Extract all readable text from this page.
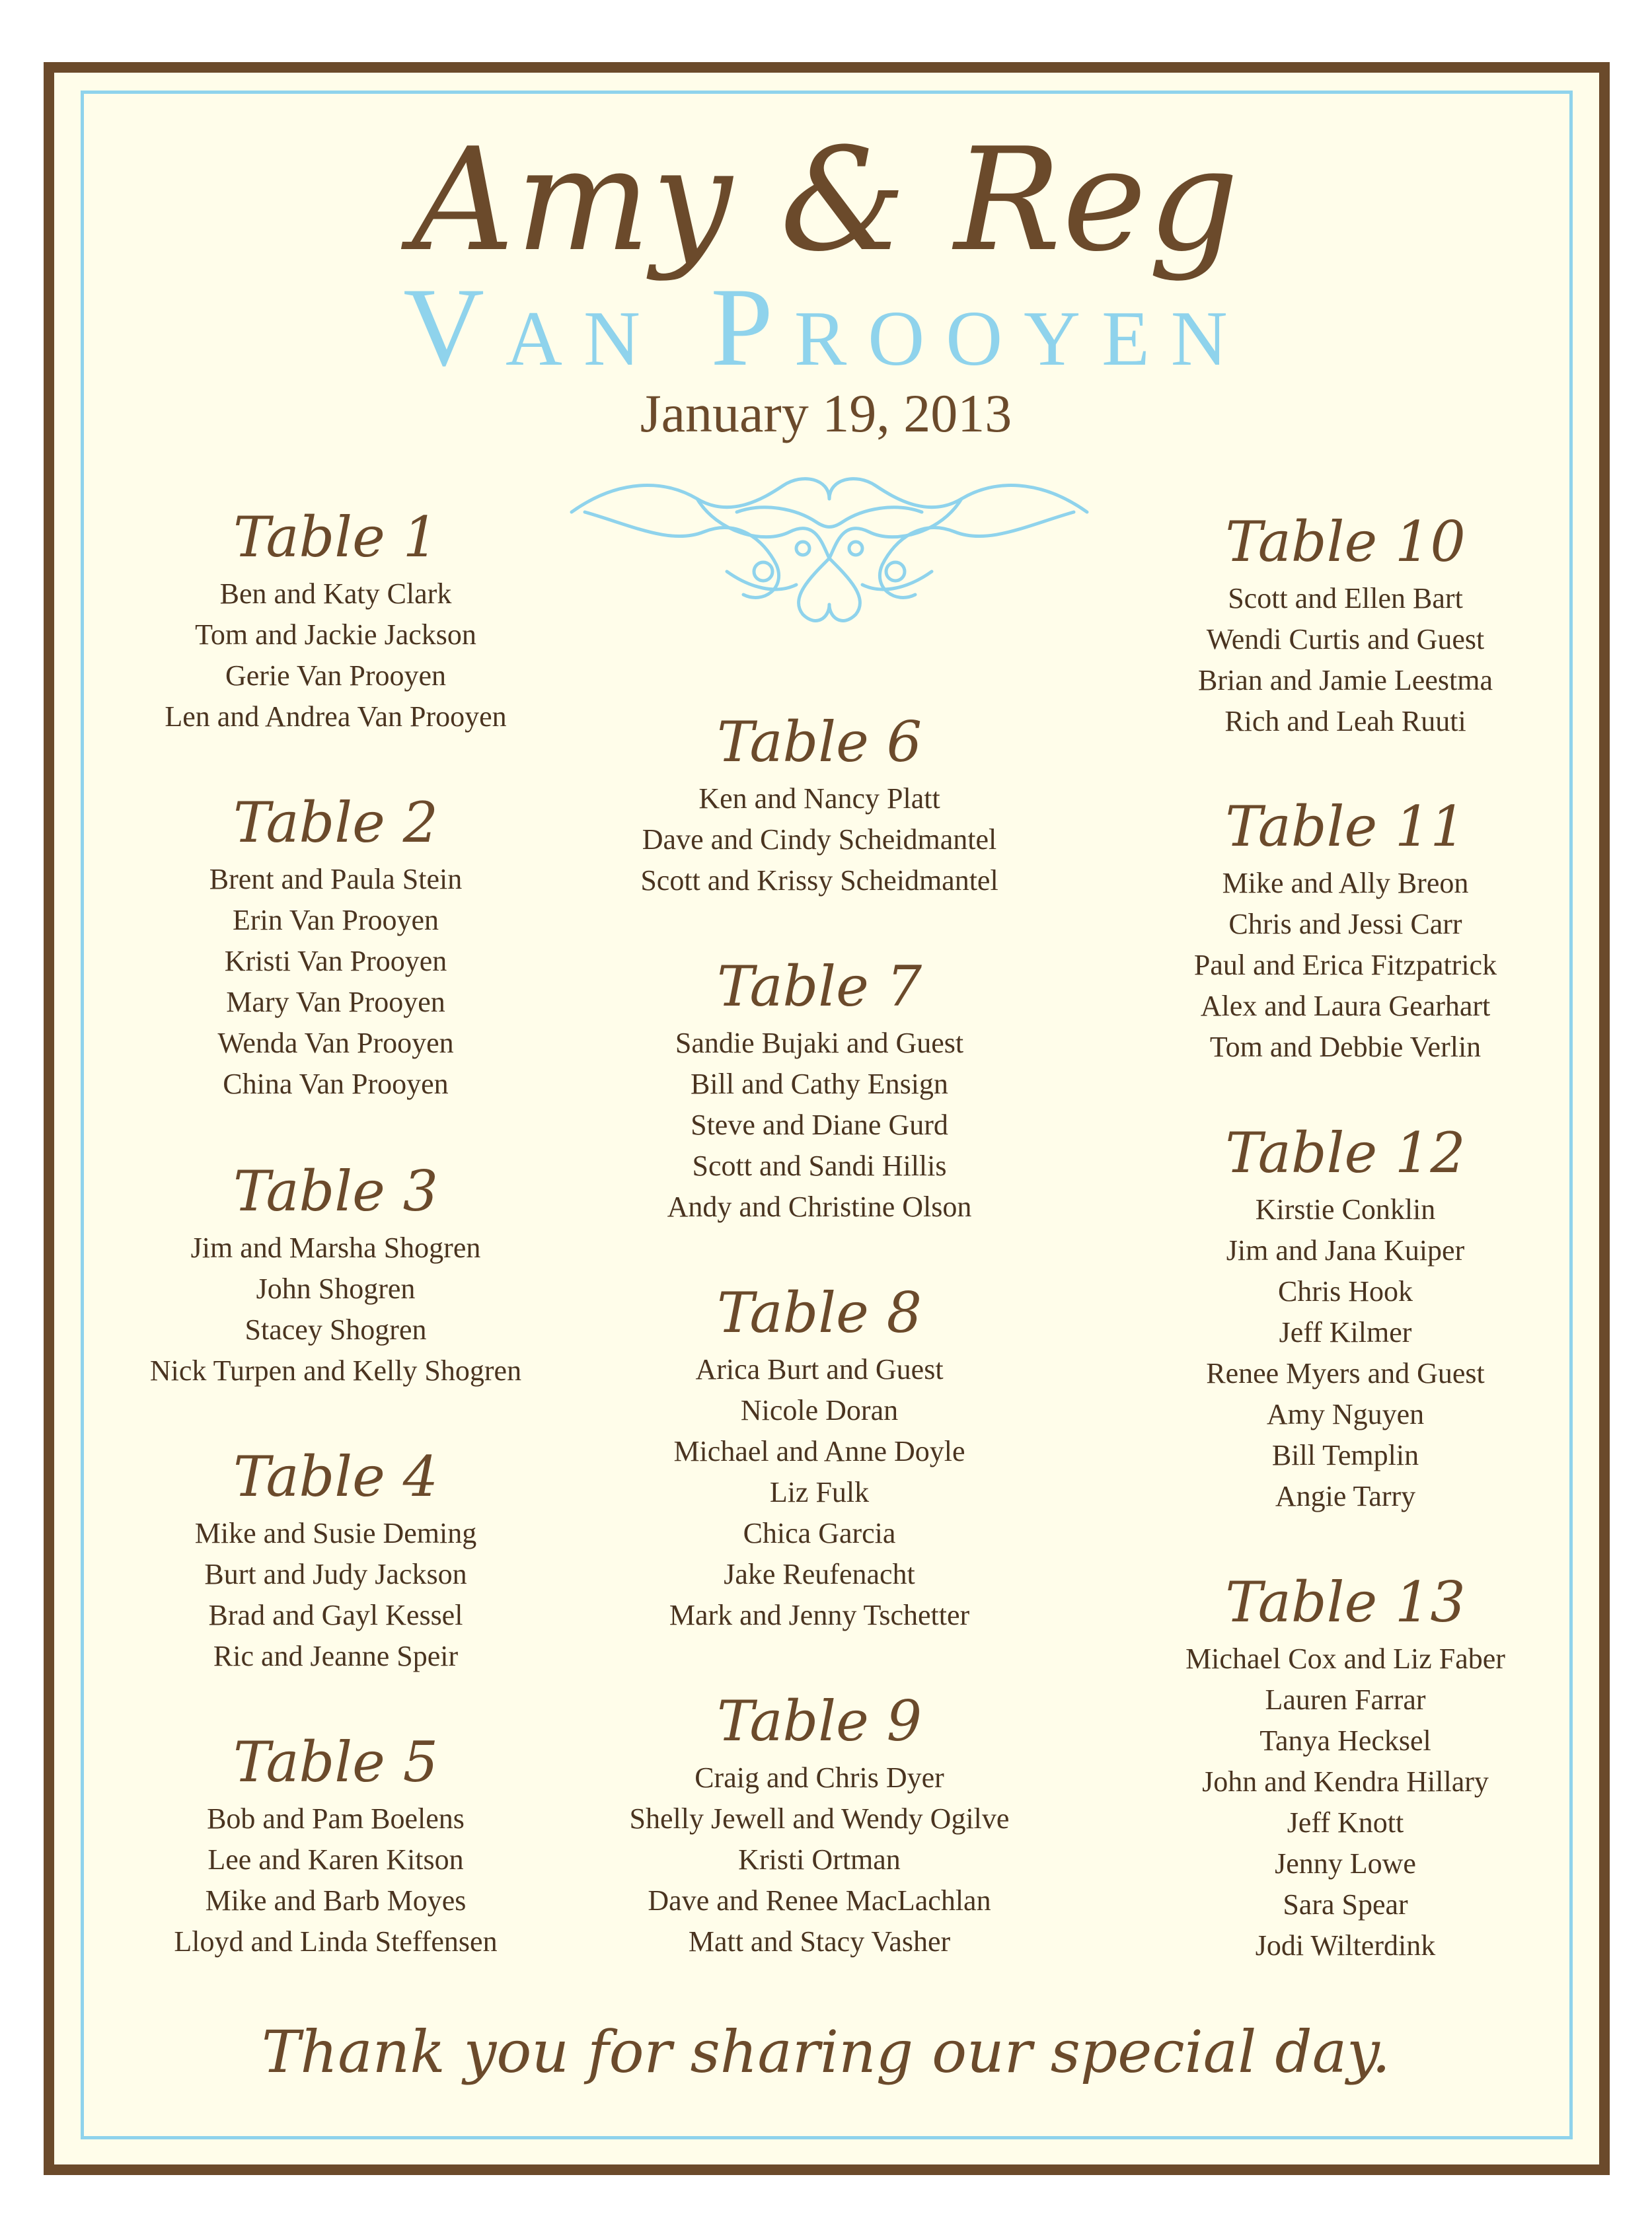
Amy & Reg
Van Prooyen
January 19, 2013
Table 1
Ben and Katy Clark
Tom and Jackie Jackson
Gerie Van Prooyen
Len and Andrea Van Prooyen
Table 2
Brent and Paula Stein
Erin Van Prooyen
Kristi Van Prooyen
Mary Van Prooyen
Wenda Van Prooyen
China Van Prooyen
Table 3
Jim and Marsha Shogren
John Shogren
Stacey Shogren
Nick Turpen and Kelly Shogren
Table 4
Mike and Susie Deming
Burt and Judy Jackson
Brad and Gayl Kessel
Ric and Jeanne Speir
Table 5
Bob and Pam Boelens
Lee and Karen Kitson
Mike and Barb Moyes
Lloyd and Linda Steffensen
Table 6
Ken and Nancy Platt
Dave and Cindy Scheidmantel
Scott and Krissy Scheidmantel
Table 7
Sandie Bujaki and Guest
Bill and Cathy Ensign
Steve and Diane Gurd
Scott and Sandi Hillis
Andy and Christine Olson
Table 8
Arica Burt and Guest
Nicole Doran
Michael and Anne Doyle
Liz Fulk
Chica Garcia
Jake Reufenacht
Mark and Jenny Tschetter
Table 9
Craig and Chris Dyer
Shelly Jewell and Wendy Ogilve
Kristi Ortman
Dave and Renee MacLachlan
Matt and Stacy Vasher
Table 10
Scott and Ellen Bart
Wendi Curtis and Guest
Brian and Jamie Leestma
Rich and Leah Ruuti
Table 11
Mike and Ally Breon
Chris and Jessi Carr
Paul and Erica Fitzpatrick
Alex and Laura Gearhart
Tom and Debbie Verlin
Table 12
Kirstie Conklin
Jim and Jana Kuiper
Chris Hook
Jeff Kilmer
Renee Myers and Guest
Amy Nguyen
Bill Templin
Angie Tarry
Table 13
Michael Cox and Liz Faber
Lauren Farrar
Tanya Hecksel
John and Kendra Hillary
Jeff Knott
Jenny Lowe
Sara Spear
Jodi Wilterdink
Thank you for sharing our special day.
